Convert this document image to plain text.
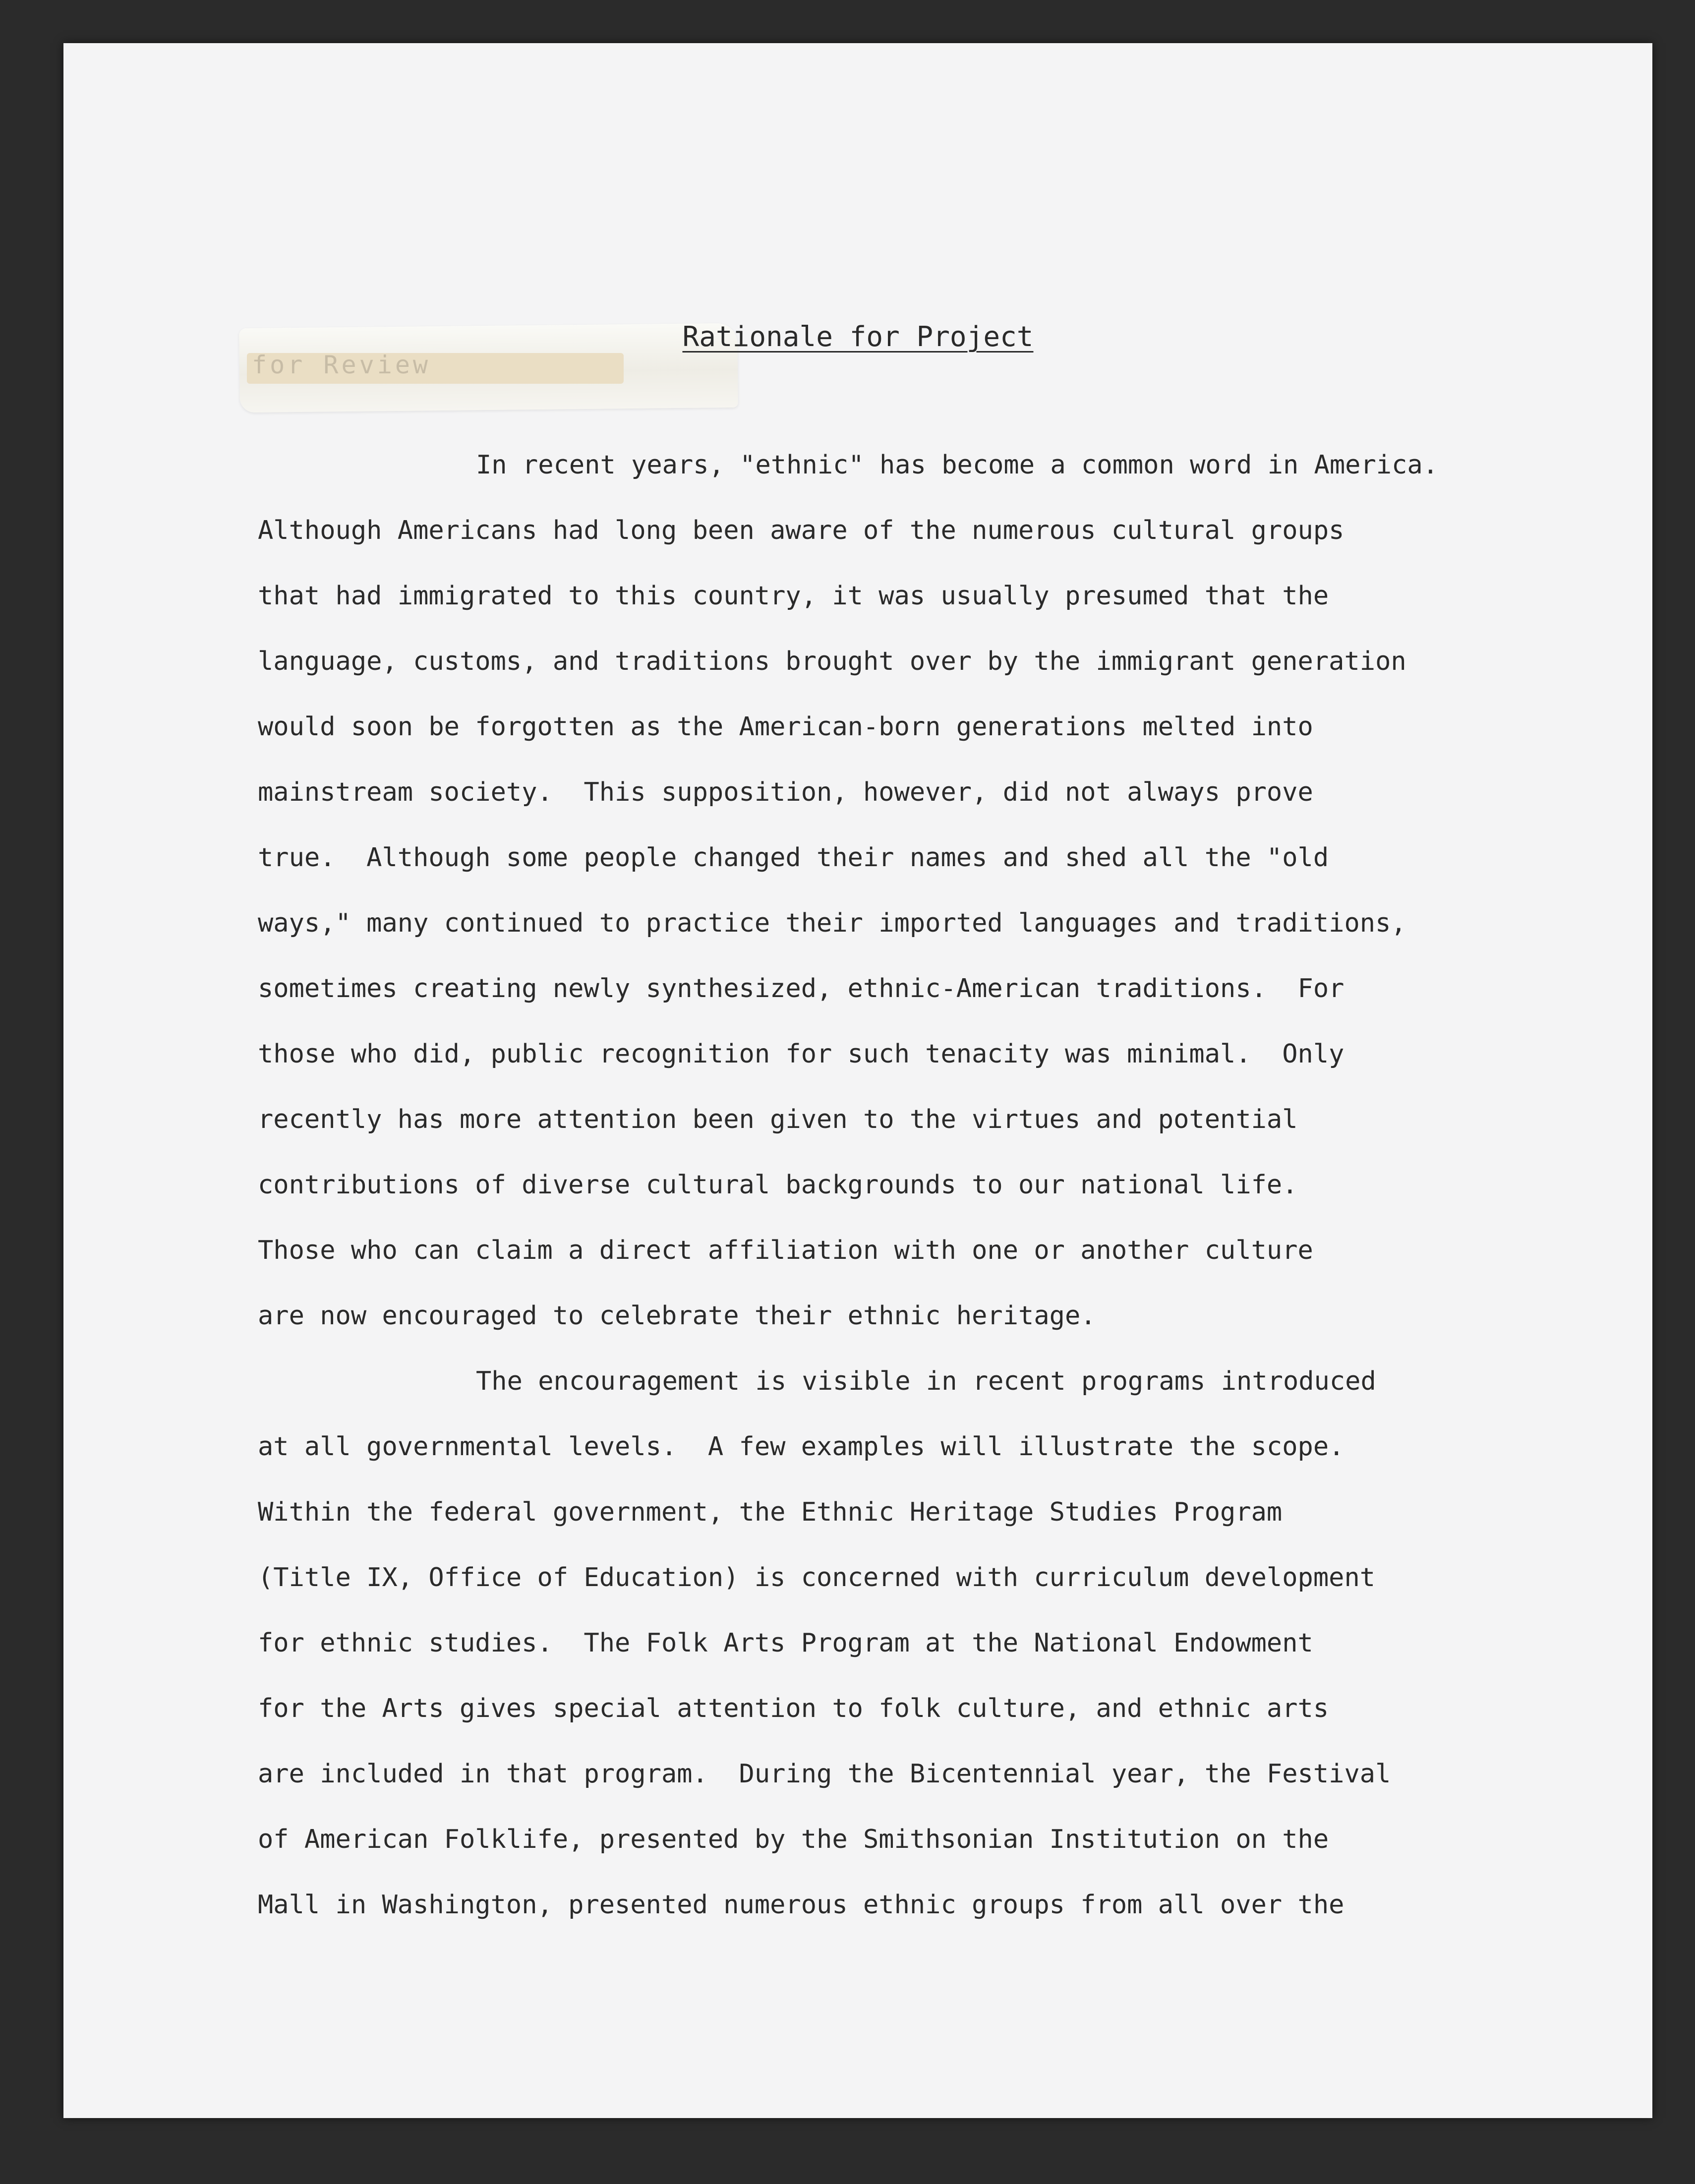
for Review
Rationale for Project
In recent years, "ethnic" has become a common word in America.
Although Americans had long been aware of the numerous cultural groups
that had immigrated to this country, it was usually presumed that the
language, customs, and traditions brought over by the immigrant generation
would soon be forgotten as the American-born generations melted into
mainstream society.  This supposition, however, did not always prove
true.  Although some people changed their names and shed all the "old
ways," many continued to practice their imported languages and traditions,
sometimes creating newly synthesized, ethnic-American traditions.  For
those who did, public recognition for such tenacity was minimal.  Only
recently has more attention been given to the virtues and potential
contributions of diverse cultural backgrounds to our national life.
Those who can claim a direct affiliation with one or another culture
are now encouraged to celebrate their ethnic heritage.
The encouragement is visible in recent programs introduced
at all governmental levels.  A few examples will illustrate the scope.
Within the federal government, the Ethnic Heritage Studies Program
(Title IX, Office of Education) is concerned with curriculum development
for ethnic studies.  The Folk Arts Program at the National Endowment
for the Arts gives special attention to folk culture, and ethnic arts
are included in that program.  During the Bicentennial year, the Festival
of American Folklife, presented by the Smithsonian Institution on the
Mall in Washington, presented numerous ethnic groups from all over the
